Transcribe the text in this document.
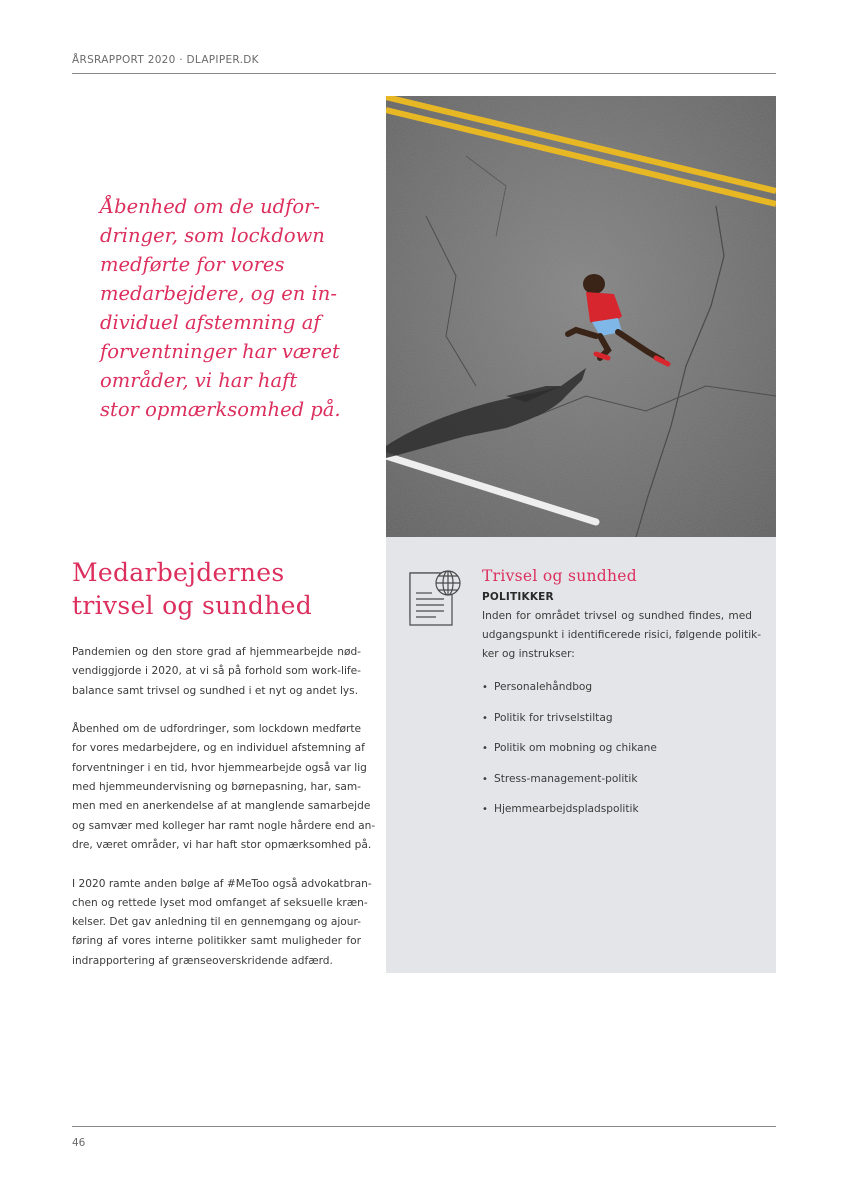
ÅRSRAPPORT 2020 · DLAPIPER.DK
Åbenhed om de udfor-
dringer, som lockdown
medførte for vores
medarbejdere, og en in-
dividuel afstemning af
forventninger har været
områder, vi har haft
stor opmærksomhed på.
Medarbejdernes
trivsel og sundhed

Pandemien og den store grad af hjemmearbejde nød-
vendiggjorde i 2020, at vi så på forhold som work-life-
balance samt trivsel og sundhed i et nyt og andet lys.

Åbenhed om de udfordringer, som lockdown medførte
for vores medarbejdere, og en individuel afstemning af
forventninger i en tid, hvor hjemmearbejde også var lig
med hjemmeundervisning og børnepasning, har, sam-
men med en anerkendelse af at manglende samarbejde
og samvær med kolleger har ramt nogle hårdere end an-
dre, været områder, vi har haft stor opmærksomhed på.

I 2020 ramte anden bølge af #MeToo også advokatbran-
chen og rettede lyset mod omfanget af seksuelle kræn-
kelser. Det gav anledning til en gennemgang og ajour-
føring af vores interne politikker samt muligheder for
indrapportering af grænseoverskridende adfærd.

Trivsel og sundhed
POLITIKKER
Inden for området trivsel og sundhed findes, med
udgangspunkt i identificerede risici, følgende politik-
ker og instrukser:
• Personalehåndbog
• Politik for trivselstiltag
• Politik om mobning og chikane
• Stress-management-politik
• Hjemmearbejdspladspolitik
46
